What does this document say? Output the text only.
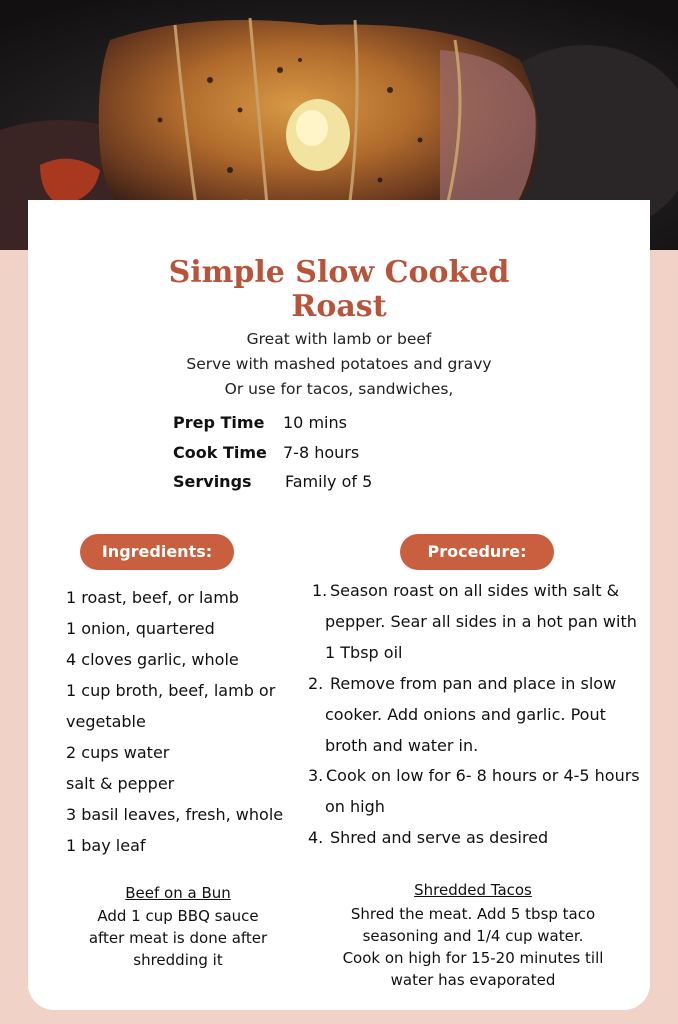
Simple Slow Cooked
Roast
Great with lamb or beef
Serve with mashed potatoes and gravy
Or use for tacos, sandwiches,
Prep Time 10 mins
Cook Time 7-8 hours
Servings Family of 5
Ingredients:	Procedure:
1 roast, beef, or lamb
1 onion, quartered
4 cloves garlic, whole
1 cup broth, beef, lamb or
vegetable
2 cups water
salt & pepper
3 basil leaves, fresh, whole
1 bay leaf
1. Season roast on all sides with salt &
pepper. Sear all sides in a hot pan with
1 Tbsp oil
2. Remove from pan and place in slow
cooker. Add onions and garlic. Pout
broth and water in.
3. Cook on low for 6- 8 hours or 4-5 hours
on high
4. Shred and serve as desired
Beef on a Bun
Add 1 cup BBQ sauce
after meat is done after
shredding it
Shredded Tacos
Shred the meat. Add 5 tbsp taco
seasoning and 1/4 cup water.
Cook on high for 15-20 minutes till
water has evaporated
